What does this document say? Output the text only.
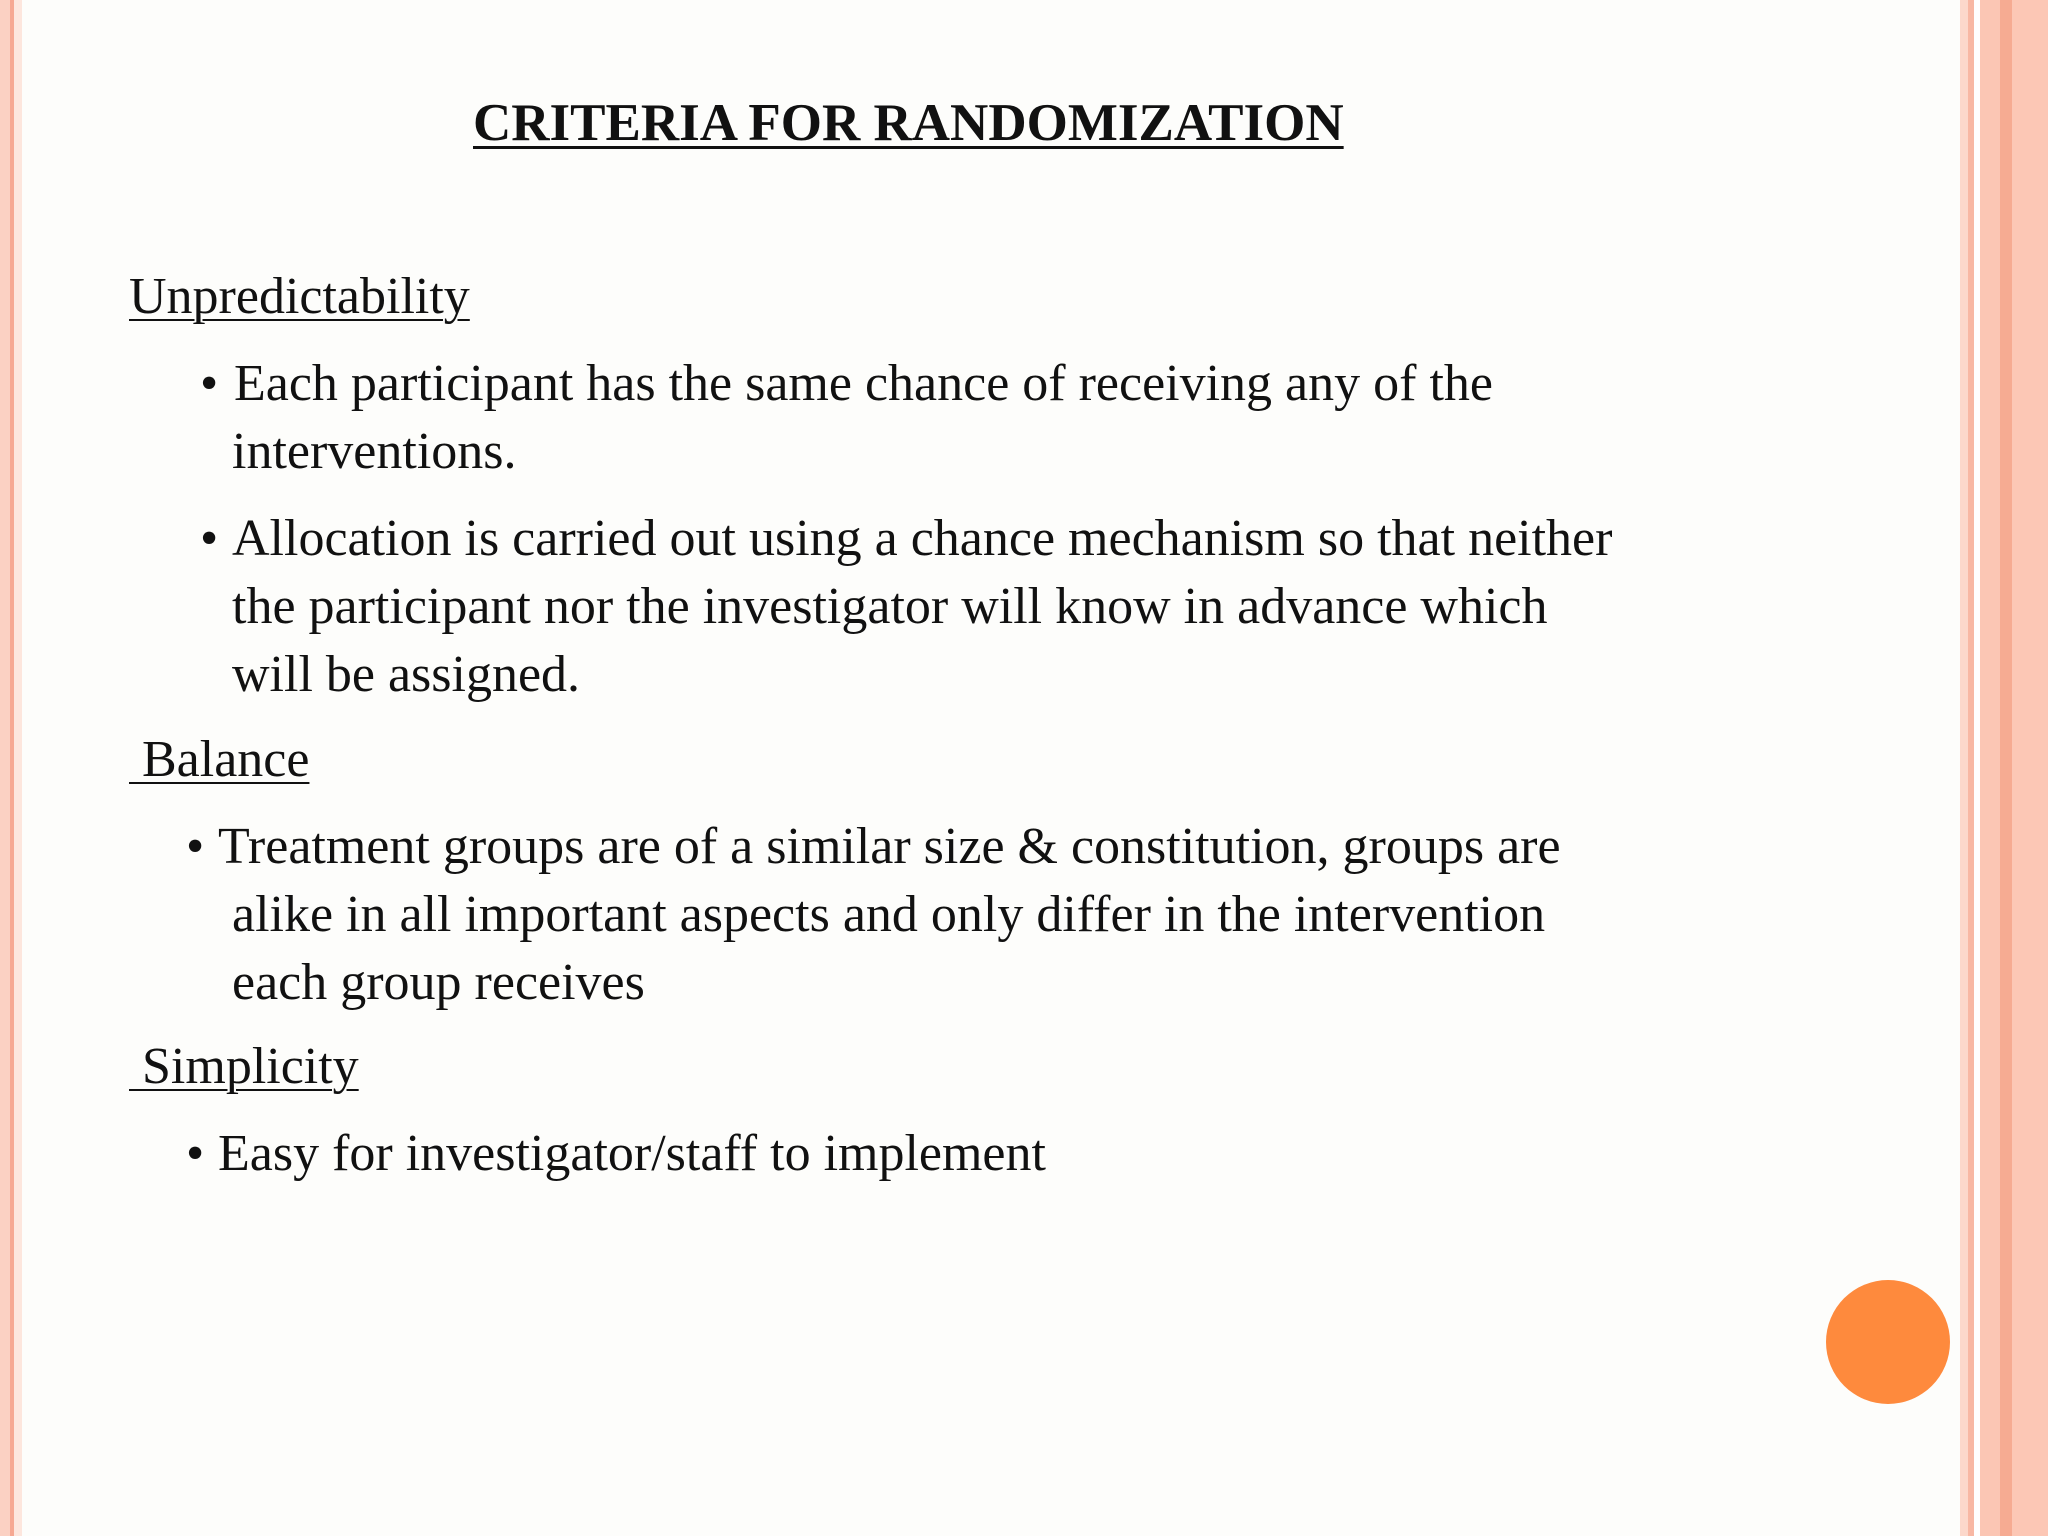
CRITERIA FOR RANDOMIZATION
Unpredictability
• Each participant has the same chance of receiving any of the
interventions.
• Allocation is carried out using a chance mechanism so that neither
the participant nor the investigator will know in advance which
will be assigned.
Balance
• Treatment groups are of a similar size & constitution, groups are
alike in all important aspects and only differ in the intervention
each group receives
Simplicity
• Easy for investigator/staff to implement
